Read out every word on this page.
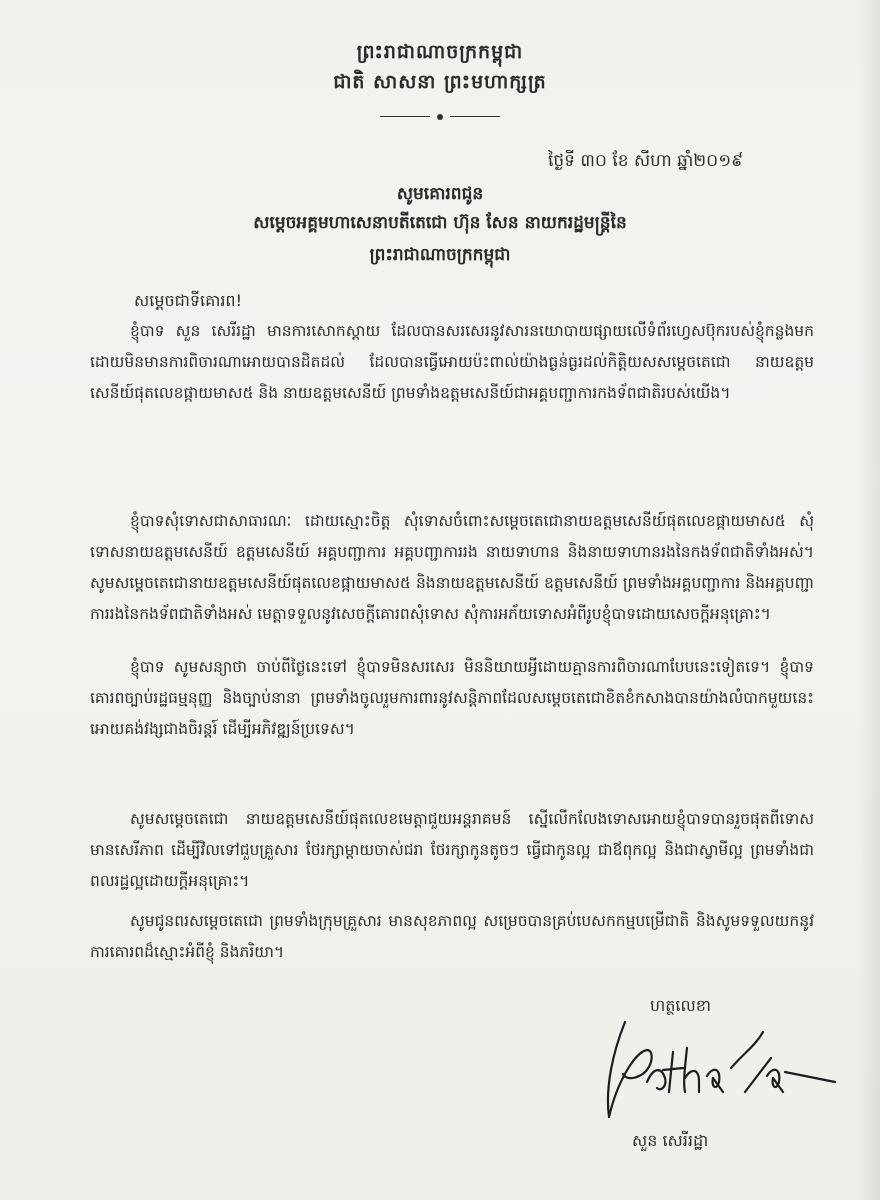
ព្រះរាជាណាចក្រកម្ពុជា
ជាតិ សាសនា ព្រះមហាក្សត្រ
ថ្ងៃទី ៣០ ខែ សីហា ឆ្នាំ២០១៩
សូមគោរពជូន
សម្តេចអគ្គមហាសេនាបតីតេជោ ហ៊ុន សែន នាយករដ្ឋមន្ត្រីនៃ
ព្រះរាជាណាចក្រកម្ពុជា
សម្តេចជាទីគោរព!
ខ្ញុំបាទ សួន សេរីរដ្ឋា មានការសោកស្តាយ ដែលបានសរសេរនូវសារនយោបាយផ្សាយលើទំព័រហ្វេសប៊ុករបស់ខ្ញុំកន្លងមក ដោយមិនមានការពិចារណាអោយបានដិតដល់ ដែលបានធ្វើអោយប៉ះពាល់យ៉ាងធ្ងន់ធ្ងរដល់កិត្តិយសសម្តេចតេជោ នាយឧត្តមសេនីយ៍ផុតលេខផ្កាយមាស៥ និង នាយឧត្តមសេនីយ៍ ព្រមទាំងឧត្តមសេនីយ៍ជាអគ្គបញ្ជាការកងទ័ពជាតិរបស់យើង។
ខ្ញុំបាទសុំទោសជាសាធារណៈ ដោយស្មោះចិត្ត សុំទោសចំពោះសម្តេចតេជោនាយឧត្តមសេនីយ៍ផុតលេខផ្កាយមាស៥ សុំទោសនាយឧត្តមសេនីយ៍ ឧត្តមសេនីយ៍ អគ្គបញ្ជាការ អគ្គបញ្ជាការរង នាយទាហាន និងនាយទាហានរងនៃកងទ័ពជាតិទាំងអស់។ សូមសម្តេចតេជោនាយឧត្តមសេនីយ៍ផុតលេខផ្កាយមាស៥ និងនាយឧត្តមសេនីយ៍ ឧត្តមសេនីយ៍ ព្រមទាំងអគ្គបញ្ជាការ និងអគ្គបញ្ជាការរងនៃកងទ័ពជាតិទាំងអស់ មេត្តាទទួលនូវសេចក្តីគោរពសុំទោស សុំការអភ័យទោសអំពីរូបខ្ញុំបាទដោយសេចក្តីអនុគ្រោះ។
ខ្ញុំបាទ សូមសន្យាថា ចាប់ពីថ្ងៃនេះទៅ ខ្ញុំបាទមិនសរសេរ មិននិយាយអ្វីដោយគ្មានការពិចារណាបែបនេះទៀតទេ។ ខ្ញុំបាទគោរពច្បាប់រដ្ឋធម្មនុញ្ញ និងច្បាប់នានា ព្រមទាំងចូលរួមការពារនូវសន្តិភាពដែលសម្តេចតេជោខិតខំកសាងបានយ៉ាងលំបាកមួយនេះអោយគង់វង្សជាងចិរន្តរ៍ ដើម្បីអភិវឌ្ឍន៍ប្រទេស។
សូមសម្តេចតេជោ នាយឧត្តមសេនីយ៍ផុតលេខមេត្តាជួយអន្តរាគមន៍ ស្នើលើកលែងទោសអោយខ្ញុំបាទបានរួចផុតពីទោស មានសេរីភាព ដើម្បីវិលទៅជួបគ្រួសារ ថែរក្សាម្តាយចាស់ជរា ថែរក្សាកូនតូចៗ ធ្វើជាកូនល្អ ជាឪពុកល្អ និងជាស្វាមីល្អ ព្រមទាំងជាពលរដ្ឋល្អដោយក្តីអនុគ្រោះ។
សូមជូនពរសម្តេចតេជោ ព្រមទាំងក្រុមគ្រួសារ មានសុខភាពល្អ សម្រេចបានគ្រប់បេសកកម្មបម្រើជាតិ និងសូមទទួលយកនូវការគោរពដ៏ស្មោះអំពីខ្ញុំ និងភរិយា។
ហត្ថលេខា
សួន សេរីរដ្ឋា
